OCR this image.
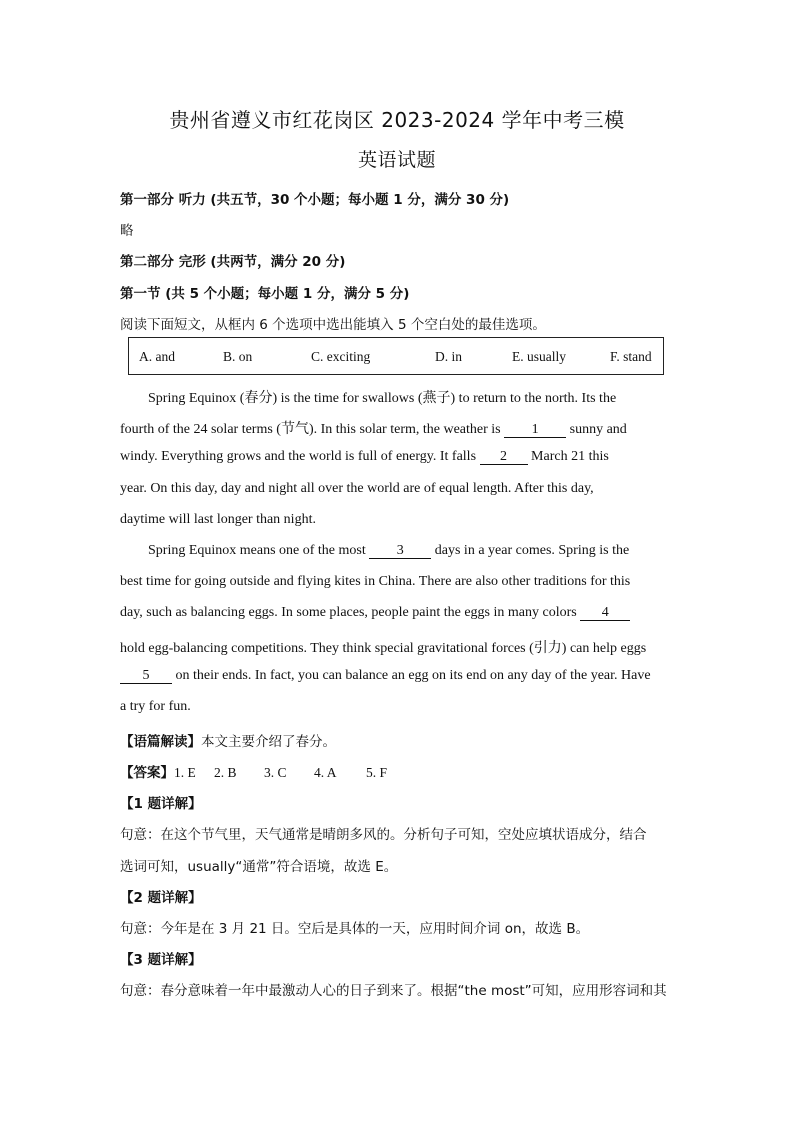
贵州省遵义市红花岗区 2023-2024 学年中考三模
英语试题
第一部分 听力 (共五节，30 个小题；每小题 1 分，满分 30 分)
略
第二部分 完形 (共两节，满分 20 分)
第一节 (共 5 个小题；每小题 1 分，满分 5 分)
阅读下面短文，从框内 6 个选项中选出能填入 5 个空白处的最佳选项。
A. and	B. on	C. exciting	D. in	E. usually	F. stand
Spring Equinox (春分) is the time for swallows (燕子) to return to the north. Its the
fourth of the 24 solar terms (节气). In this solar term, the weather is 1 sunny and
windy. Everything grows and the world is full of energy. It falls 2 March 21 this
year. On this day, day and night all over the world are of equal length. After this day,
daytime will last longer than night.
Spring Equinox means one of the most 3 days in a year comes. Spring is the
best time for going outside and flying kites in China. There are also other traditions for this
day, such as balancing eggs. In some places, people paint the eggs in many colors 4
hold egg-balancing competitions. They think special gravitational forces (引力) can help eggs
5 on their ends. In fact, you can balance an egg on its end on any day of the year. Have
a try for fun.
【语篇解读】本文主要介绍了春分。
【答案】1. E 2. B 3. C 4. A 5. F
【1 题详解】
句意：在这个节气里，天气通常是晴朗多风的。分析句子可知，空处应填状语成分，结合
选词可知，usually“通常”符合语境，故选 E。
【2 题详解】
句意：今年是在 3 月 21 日。空后是具体的一天，应用时间介词 on，故选 B。
【3 题详解】
句意：春分意味着一年中最激动人心的日子到来了。根据“the most”可知，应用形容词和其
